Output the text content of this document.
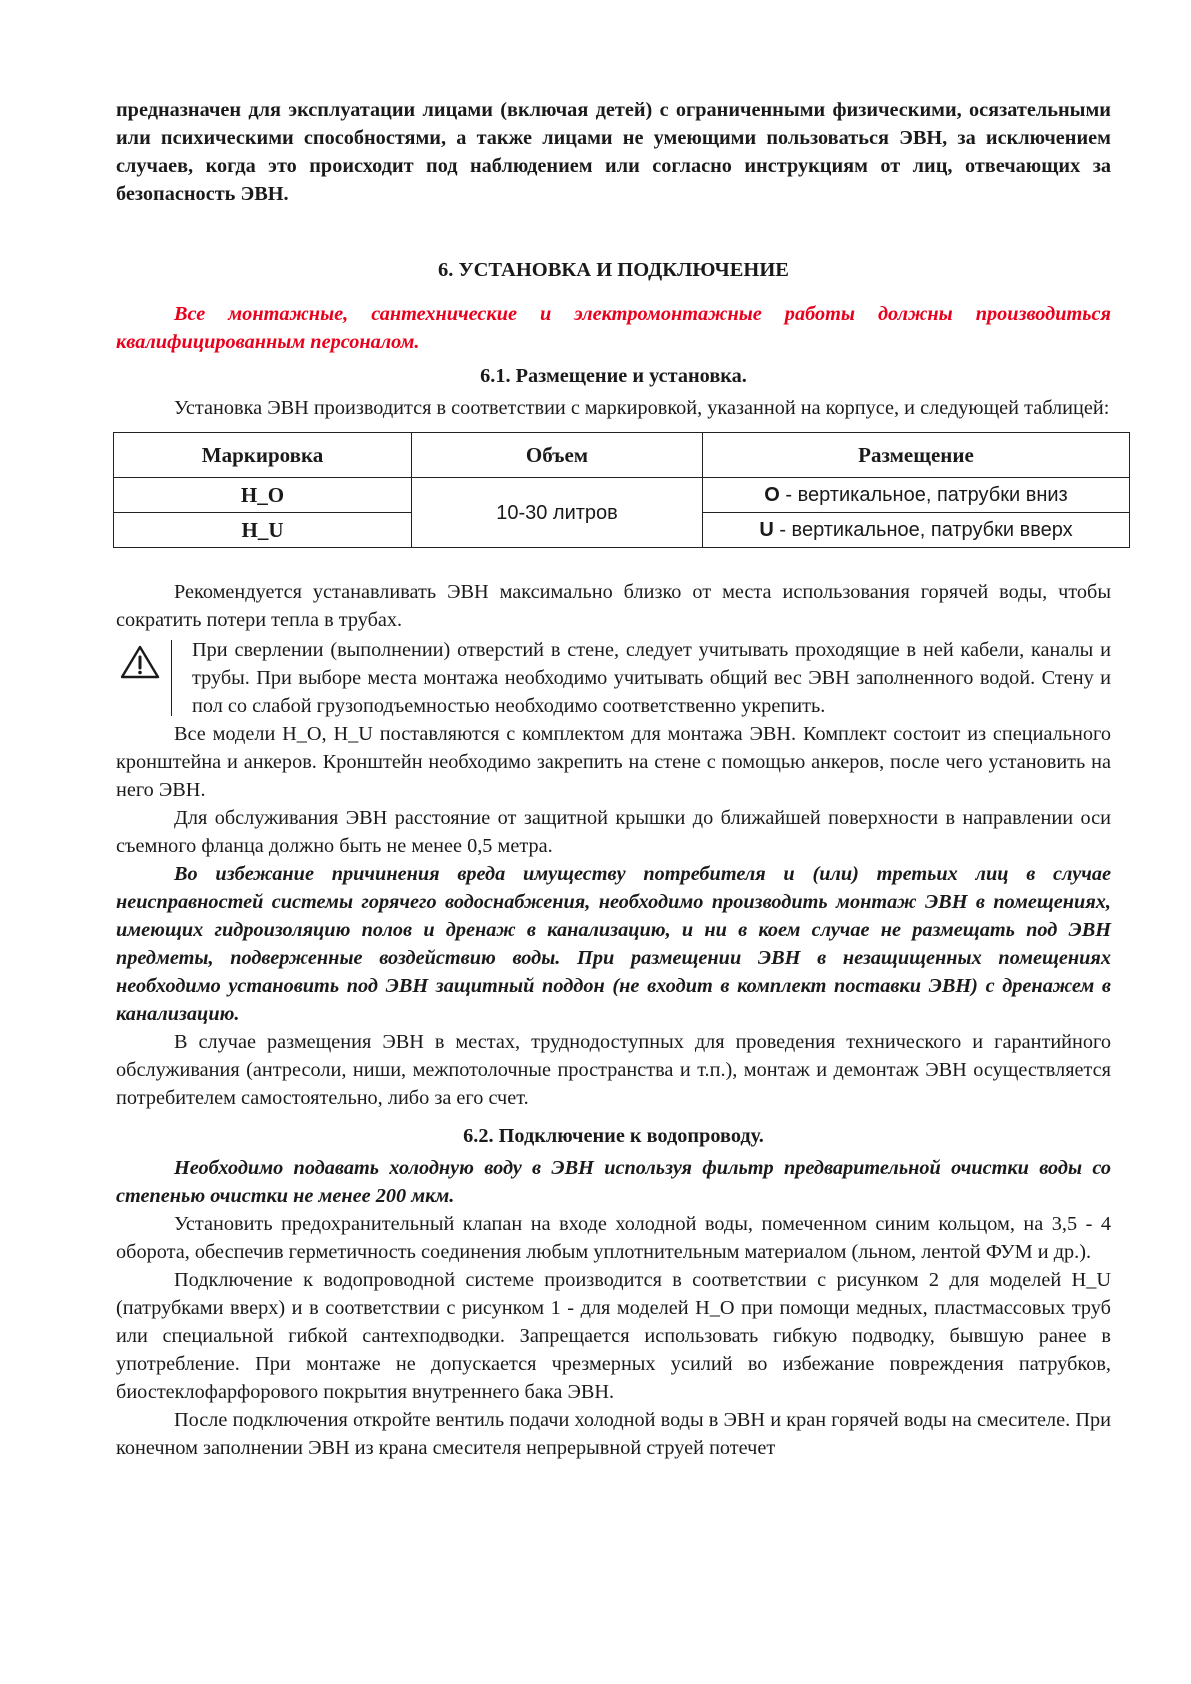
предназначен для эксплуатации лицами (включая детей) с ограниченными физическими, осязательными или психическими способностями, а также лицами не умеющими пользоваться ЭВН, за исключением случаев, когда это происходит под наблюдением или согласно инструкциям от лиц, отвечающих за безопасность ЭВН.

6. УСТАНОВКА И ПОДКЛЮЧЕНИЕ

Все монтажные, сантехнические и электромонтажные работы должны производиться квалифицированным персоналом.

6.1. Размещение и установка.

Установка ЭВН производится в соответствии с маркировкой, указанной на корпусе, и следующей таблицей:

Маркировка	Объем	Размещение
H_O	10-30 литров	O - вертикальное, патрубки вниз
H_U		U - вертикальное, патрубки вверх

Рекомендуется устанавливать ЭВН максимально близко от места использования горячей воды, чтобы сократить потери тепла в трубах.

При сверлении (выполнении) отверстий в стене, следует учитывать проходящие в ней кабели, каналы и трубы. При выборе места монтажа необходимо учитывать общий вес ЭВН заполненного водой. Стену и пол со слабой грузоподъемностью необходимо соответственно укрепить.

Все модели H_O, H_U поставляются с комплектом для монтажа ЭВН. Комплект состоит из специального кронштейна и анкеров. Кронштейн необходимо закрепить на стене с помощью анкеров, после чего установить на него ЭВН.

Для обслуживания ЭВН расстояние от защитной крышки до ближайшей поверхности в направлении оси съемного фланца должно быть не менее 0,5 метра.

Во избежание причинения вреда имуществу потребителя и (или) третьих лиц в случае неисправностей системы горячего водоснабжения, необходимо производить монтаж ЭВН в помещениях, имеющих гидроизоляцию полов и дренаж в канализацию, и ни в коем случае не размещать под ЭВН предметы, подверженные воздействию воды. При размещении ЭВН в незащищенных помещениях необходимо установить под ЭВН защитный поддон (не входит в комплект поставки ЭВН) с дренажем в канализацию.

В случае размещения ЭВН в местах, труднодоступных для проведения технического и гарантийного обслуживания (антресоли, ниши, межпотолочные пространства и т.п.), монтаж и демонтаж ЭВН осуществляется потребителем самостоятельно, либо за его счет.

6.2. Подключение к водопроводу.

Необходимо подавать холодную воду в ЭВН используя фильтр предварительной очистки воды со степенью очистки не менее 200 мкм.

Установить предохранительный клапан на входе холодной воды, помеченном синим кольцом, на 3,5 - 4 оборота, обеспечив герметичность соединения любым уплотнительным материалом (льном, лентой ФУМ и др.).

Подключение к водопроводной системе производится в соответствии с рисунком 2 для моделей H_U (патрубками вверх) и в соответствии с рисунком 1 - для моделей H_O при помощи медных, пластмассовых труб или специальной гибкой сантехподводки. Запрещается использовать гибкую подводку, бывшую ранее в употребление. При монтаже не допускается чрезмерных усилий во избежание повреждения патрубков, биостеклофарфорового покрытия внутреннего бака ЭВН.

После подключения откройте вентиль подачи холодной воды в ЭВН и кран горячей воды на смесителе. При конечном заполнении ЭВН из крана смесителя непрерывной струей потечет
